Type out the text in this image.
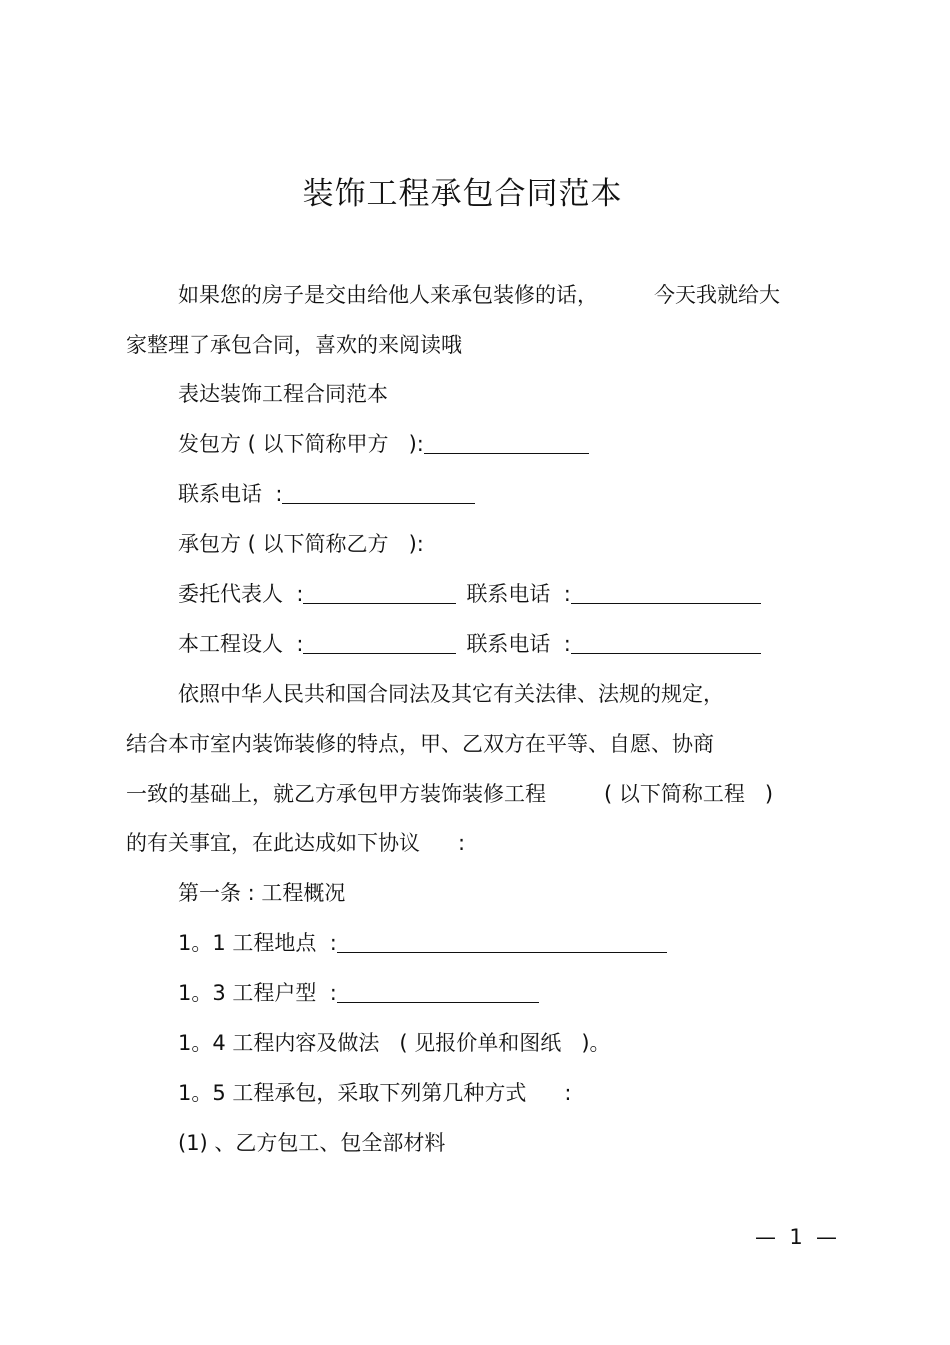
装饰工程承包合同范本
如果您的房子是交由给他人来承包装修的话，	今天我就给大
家整理了承包合同，喜欢的来阅读哦
表达装饰工程合同范本
发包方 ( 以下简称甲方   ):
联系电话  :
承包方 ( 以下简称乙方   ):
委托代表人  :	联系电话  :
本工程设人  :	联系电话  :
依照中华人民共和国合同法及其它有关法律、法规的规定，
结合本市室内装饰装修的特点，甲、乙双方在平等、自愿、协商
一致的基础上，就乙方承包甲方装饰装修工程	( 以下简称工程   )
的有关事宜，在此达成如下协议 :
第一条 : 工程概况
1。1 工程地点  :
1。3 工程户型  :
1。4 工程内容及做法   ( 见报价单和图纸   )。
1。5 工程承包，采取下列第几种方式 :
(1) 、乙方包工、包全部材料
—  1  —
